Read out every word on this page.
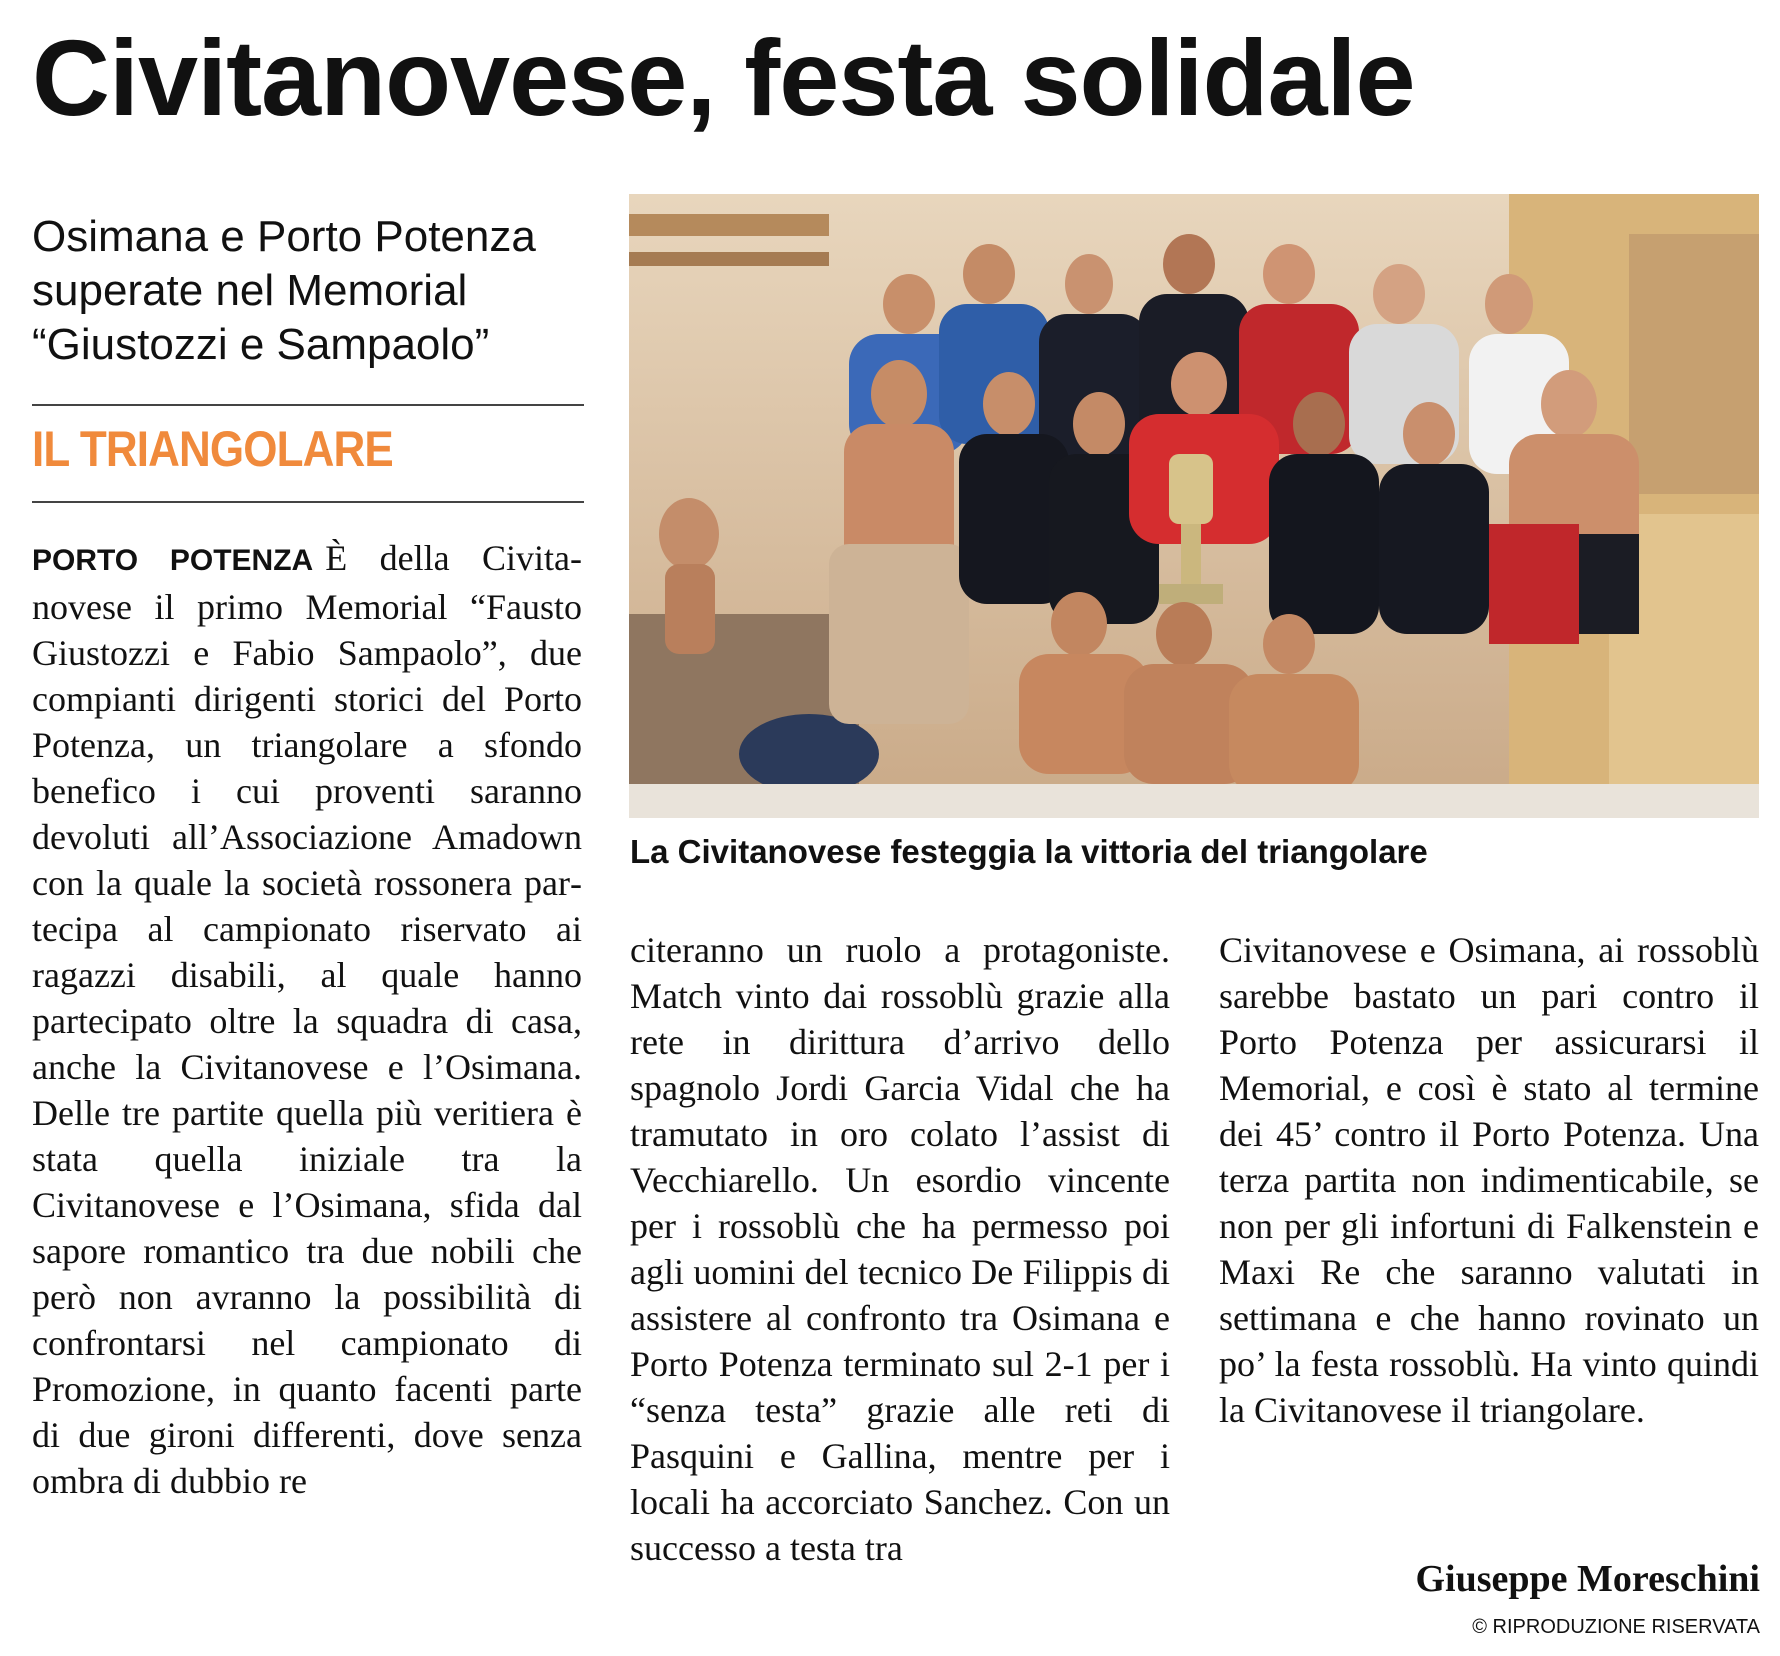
Civitanovese, festa solidale

Osimana e Porto Potenza superate nel Memorial “Giustozzi e Sampaolo”

IL TRIANGOLARE

PORTO POTENZA È della Civitanovese il primo Memorial “Fausto Giustozzi e Fabio Sampaolo”, due compianti dirigenti storici del Porto Potenza, un triangolare a sfondo benefico i cui proventi saranno devoluti all’Associazione Amadown con la quale la società rossonera partecipa al campionato riservato ai ragazzi disabili, al quale hanno partecipato oltre la squadra di casa, anche la Civitanovese e l’Osimana. Delle tre partite quella più veritiera è stata quella iniziale tra la Civitanovese e l’Osimana, sfida dal sapore romantico tra due nobili che però non avranno la possibilità di confrontarsi nel campionato di Promozione, in quanto facenti parte di due gironi differenti, dove senza ombra di dubbio re

La Civitanovese festeggia la vittoria del triangolare

citeranno un ruolo a protagoniste. Match vinto dai rossoblù grazie alla rete in dirittura d’arrivo dello spagnolo Jordi Garcia Vidal che ha tramutato in oro colato l’assist di Vecchiarello. Un esordio vincente per i rossoblù che ha permesso poi agli uomini del tecnico De Filippis di assistere al confronto tra Osimana e Porto Potenza terminato sul 2-1 per i “senza testa” grazie alle reti di Pasquini e Gallina, mentre per i locali ha accorciato Sanchez. Con un successo a testa tra
Civitanovese e Osimana, ai rossoblù sarebbe bastato un pari contro il Porto Potenza per assicurarsi il Memorial, e così è stato al termine dei 45’ contro il Porto Potenza. Una terza partita non indimenticabile, se non per gli infortuni di Falkenstein e Maxi Re che saranno valutati in settimana e che hanno rovinato un po’ la festa rossoblù. Ha vinto quindi la Civitanovese il triangolare.

Giuseppe Moreschini

© RIPRODUZIONE RISERVATA
